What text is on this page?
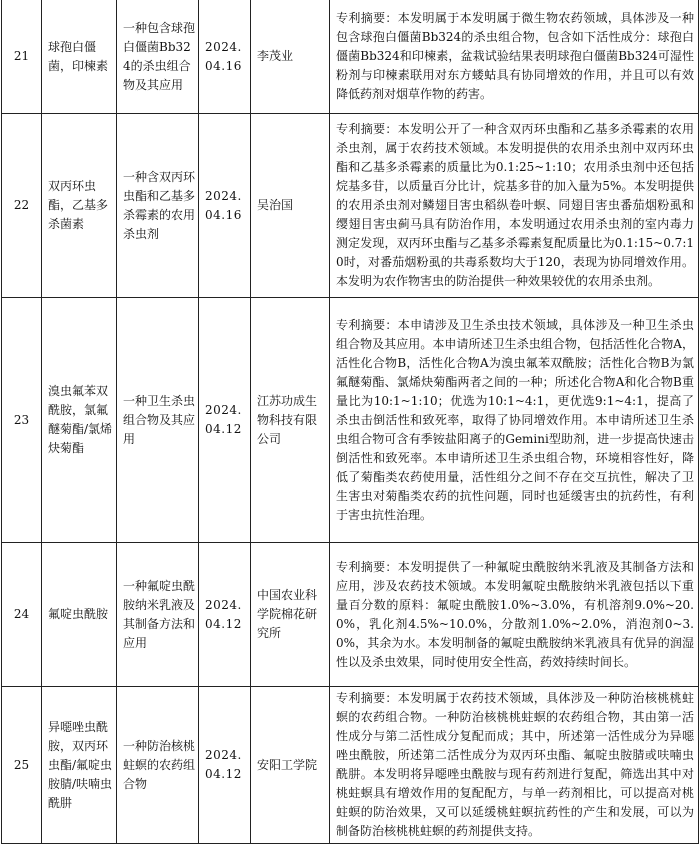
21	球孢白僵菌，印楝素	一种包含球孢白僵菌Bb324的杀虫组合物及其应用	2024.04.16	李茂业	专利摘要：本发明属于本发明属于微生物农药领域，具体涉及一种包含球孢白僵菌Bb324的杀虫组合物，包含如下活性成分：球孢白僵菌Bb324和印楝素，盆栽试验结果表明球孢白僵菌Bb324可湿性粉剂与印楝素联用对东方蝼蛄具有协同增效的作用，并且可以有效降低药剂对烟草作物的药害。
22	双丙环虫酯，乙基多杀菌素	一种含双丙环虫酯和乙基多杀霉素的农用杀虫剂	2024.04.16	吴治国	专利摘要：本发明公开了一种含双丙环虫酯和乙基多杀霉素的农用杀虫剂，属于农药技术领域。本发明提供的农用杀虫剂中双丙环虫酯和乙基多杀霉素的质量比为0.1:25~1:10；农用杀虫剂中还包括烷基多苷，以质量百分比计，烷基多苷的加入量为5%。本发明提供的农用杀虫剂对鳞翅目害虫稻纵卷叶螟、同翅目害虫番茄烟粉虱和缨翅目害虫蓟马具有防治作用，本发明通过农用杀虫剂的室内毒力测定发现，双丙环虫酯与乙基多杀霉素复配质量比为0.1:15~0.7:10时，对番茄烟粉虱的共毒系数均大于120，表现为协同增效作用。本发明为农作物害虫的防治提供一种效果较优的农用杀虫剂。
23	溴虫氟苯双酰胺，氯氟醚菊酯/氯烯炔菊酯	一种卫生杀虫组合物及其应用	2024.04.12	江苏功成生物科技有限公司	专利摘要：本申请涉及卫生杀虫技术领域，具体涉及一种卫生杀虫组合物及其应用。本申请所述卫生杀虫组合物，包括活性化合物A，活性化合物B，活性化合物A为溴虫氟苯双酰胺；活性化合物B为氯氟醚菊酯、氯烯炔菊酯两者之间的一种；所述化合物A和化合物B重量比为10:1~1:10；优选为10:1~4:1，更优选9:1~4:1，提高了杀虫击倒活性和致死率，取得了协同增效作用。本申请所述卫生杀虫组合物可含有季铵盐阳离子的Gemini型助剂，进一步提高快速击倒活性和致死率。本申请所述卫生杀虫组合物，环境相容性好，降低了菊酯类农药使用量，活性组分之间不存在交互抗性，解决了卫生害虫对菊酯类农药的抗性问题，同时也延缓害虫的抗药性，有利于害虫抗性治理。
24	氟啶虫酰胺	一种氟啶虫酰胺纳米乳液及其制备方法和应用	2024.04.12	中国农业科学院棉花研究所	专利摘要：本发明提供了一种氟啶虫酰胺纳米乳液及其制备方法和应用，涉及农药技术领域。本发明氟啶虫酰胺纳米乳液包括以下重量百分数的原料：氟啶虫酰胺1.0%~3.0%，有机溶剂9.0%~20.0%，乳化剂4.5%~10.0%，分散剂1.0%~2.0%，消泡剂0~3.0%，其余为水。本发明制备的氟啶虫酰胺纳米乳液具有优异的润湿性以及杀虫效果，同时使用安全性高，药效持续时间长。
25	异噁唑虫酰胺，双丙环虫酯/氟啶虫胺腈/呋喃虫酰肼	一种防治核桃蛀螟的农药组合物	2024.04.12	安阳工学院	专利摘要：本发明属于农药技术领域，具体涉及一种防治核桃桃蛀螟的农药组合物。一种防治核桃桃蛀螟的农药组合物，其由第一活性成分与第二活性成分复配而成；其中，所述第一活性成分为异噁唑虫酰胺，所述第二活性成分为双丙环虫酯、氟啶虫胺腈或呋喃虫酰肼。本发明将异噁唑虫酰胺与现有药剂进行复配，筛选出其中对桃蛀螟具有增效作用的复配配方，与单一药剂相比，可以提高对桃蛀螟的防治效果，又可以延缓桃蛀螟抗药性的产生和发展，可以为制备防治核桃桃蛀螟的药剂提供支持。
